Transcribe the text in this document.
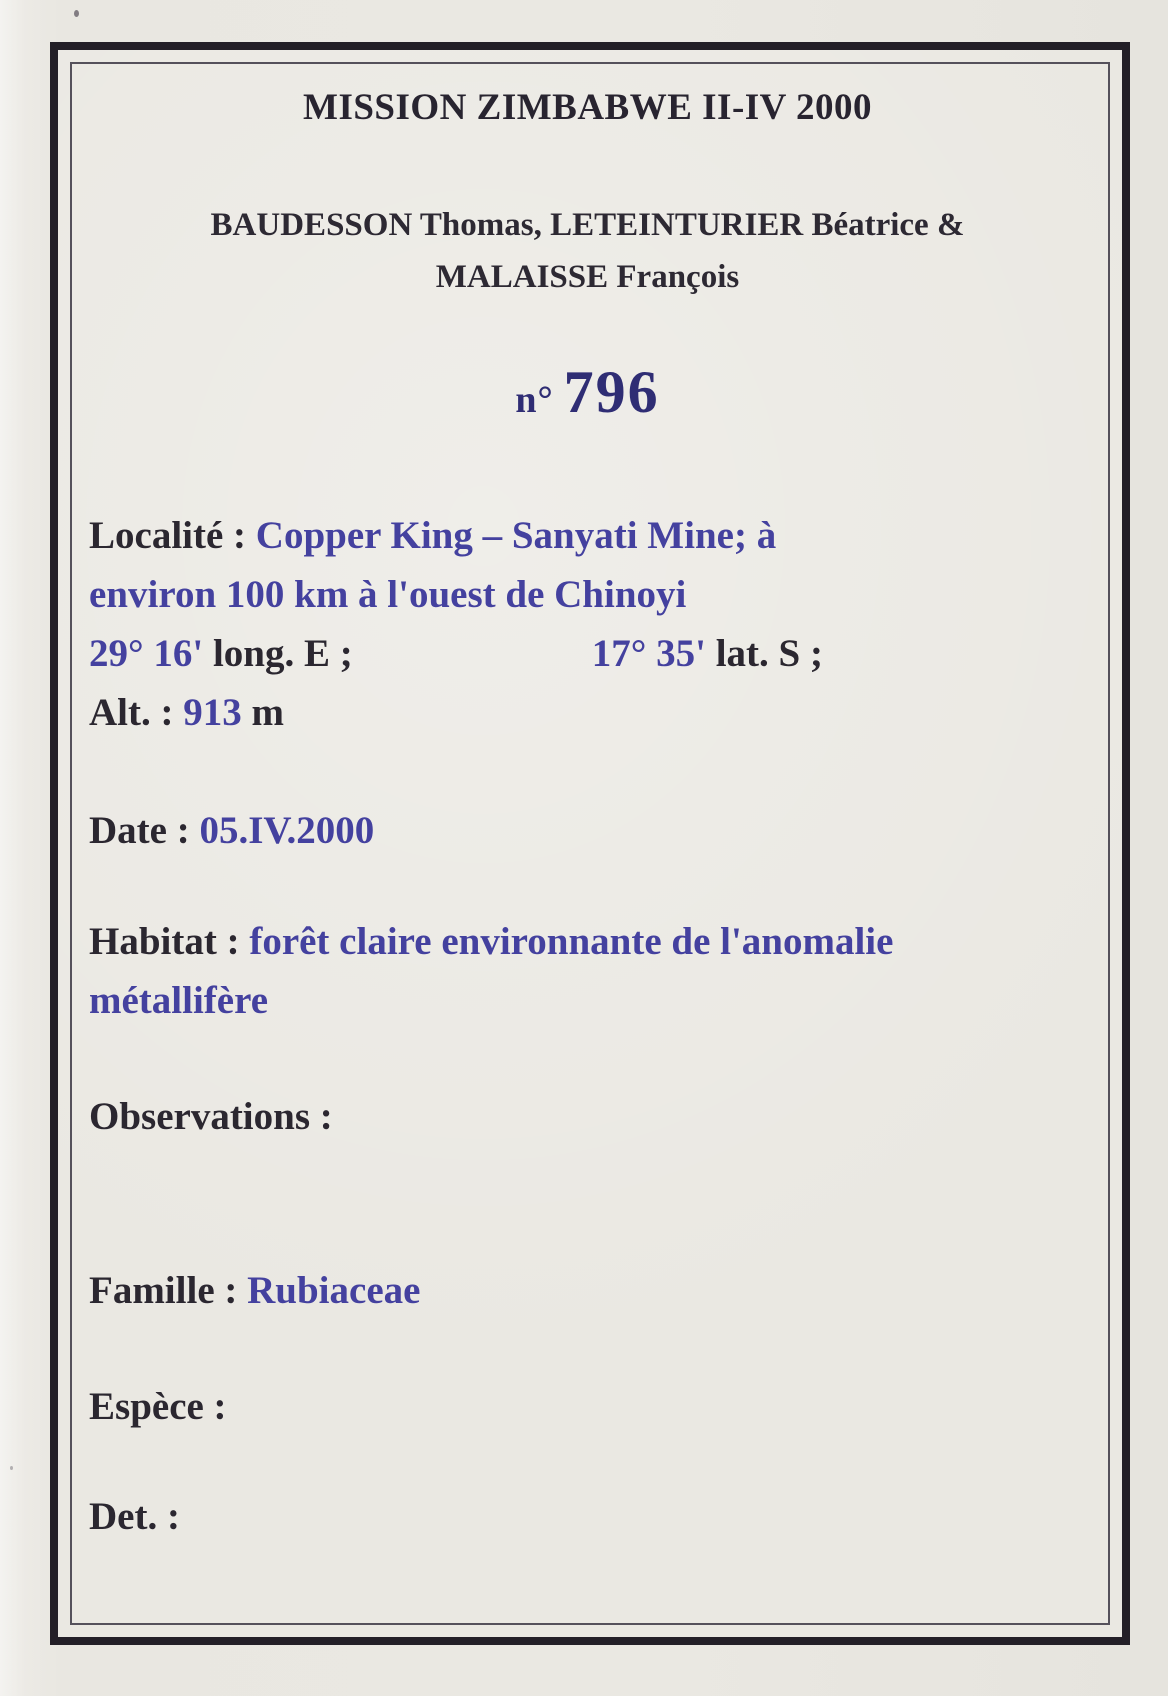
MISSION ZIMBABWE II-IV 2000
BAUDESSON Thomas, LETEINTURIER Béatrice &
MALAISSE François
n° 796
Localité : Copper King – Sanyati Mine; à
environ 100 km à l'ouest de Chinoyi
29° 16' long. E ;	17° 35' lat. S ;
Alt. : 913 m
Date : 05.IV.2000
Habitat : forêt claire environnante de l'anomalie
métallifère
Observations :
Famille : Rubiaceae
Espèce :
Det. :
